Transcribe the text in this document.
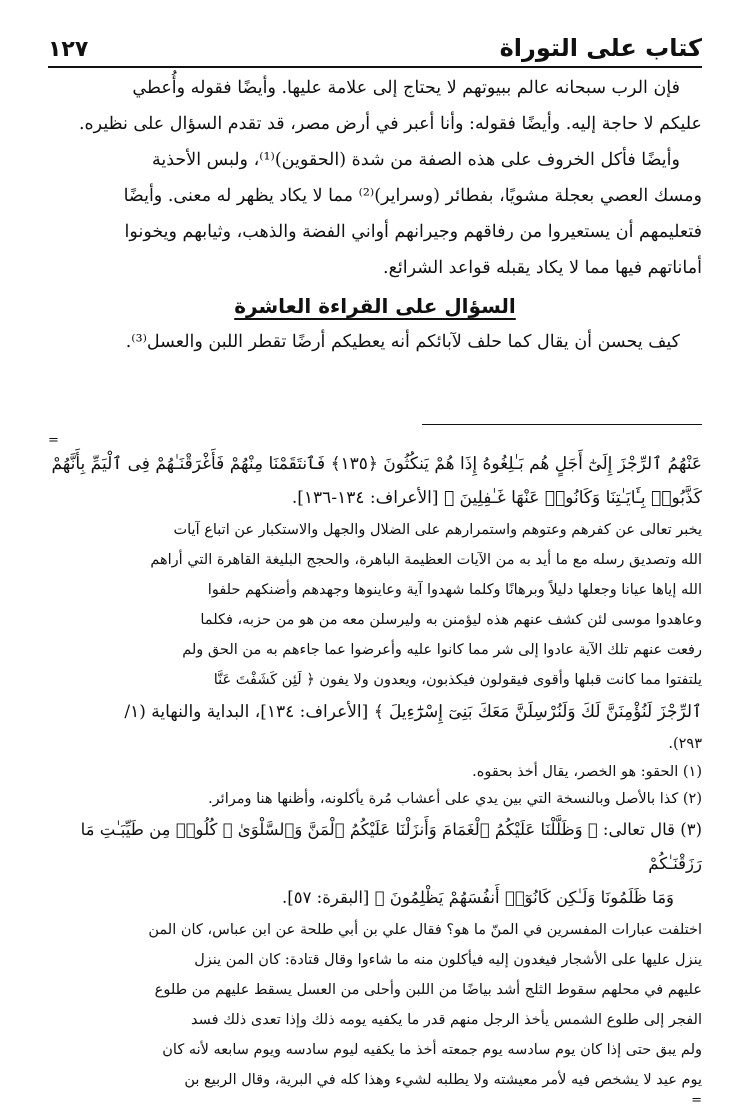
كتاب على التوراة
١٢٧

فإن الرب سبحانه عالم ببيوتهم لا يحتاج إلى علامة عليها. وأيضًا فقوله وأُعطي

عليكم لا حاجة إليه. وأيضًا فقوله: وأنا أعبر في أرض مصر، قد تقدم السؤال على نظيره.

وأيضًا فأكل الخروف على هذه الصفة من شدة (الحقوين)⁽¹⁾، ولبس الأحذية

ومسك العصي بعجلة مشويًا، بفطائر (وسراير)⁽²⁾ مما لا يكاد يظهر له معنى. وأيضًا

فتعليمهم أن يستعيروا من رفاقهم وجيرانهم أواني الفضة والذهب، وثيابهم ويخونوا

أماناتهم فيها مما لا يكاد يقبله قواعد الشرائع.

السؤال على القراءة العاشرة

كيف يحسن أن يقال كما حلف لآبائكم أنه يعطيكم أرضًا تقطر اللبن والعسل⁽³⁾.

=

عَنْهُمُ ٱلرِّجْزَ إِلَىٰٓ أَجَلٍ هُم بَـٰلِغُوهُ إِذَا هُمْ يَنكُثُونَ ﴿١٣٥﴾ فَٱنتَقَمْنَا مِنْهُمْ فَأَغْرَقْنَـٰهُمْ فِى ٱلْيَمِّ بِأَنَّهُمْ

كَذَّبُوا۟ بِـَٔايَـٰتِنَا وَكَانُوا۟ عَنْهَا غَـٰفِلِينَ ﴾ [الأعراف: ١٣٤-١٣٦].

يخبر تعالى عن كفرهم وعتوهم واستمرارهم على الضلال والجهل والاستكبار عن اتباع آيات

الله وتصديق رسله مع ما أيد به من الآيات العظيمة الباهرة، والحجج البليغة القاهرة التي أراهم

الله إياها عيانا وجعلها دليلاً وبرهانًا وكلما شهدوا آية وعاينوها وجهدهم وأضنكهم حلفوا

وعاهدوا موسى لئن كشف عنهم هذه ليؤمنن به وليرسلن معه من هو من حزبه، فكلما

رفعت عنهم تلك الآية عادوا إلى شر مما كانوا عليه وأعرضوا عما جاءهم به من الحق ولم

يلتفتوا مما كانت قبلها وأقوى فيقولون فيكذبون، ويعدون ولا يفون ﴿ لَئِن كَشَفْتَ عَنَّا

ٱلرِّجْزَ لَنُؤْمِنَنَّ لَكَ وَلَنُرْسِلَنَّ مَعَكَ بَنِىٓ إِسْرَٰٓءِيلَ ﴾ [الأعراف: ١٣٤]، البداية والنهاية (١/

٢٩٣).

(١) الحقو: هو الخصر، يقال أخذ بحقوه.

(٢) كذا بالأصل وبالنسخة التي بين يدي على أعشاب مُرة يأكلونه، وأظنها هنا ومرائر.

(٣) قال تعالى: ﴿ وَظَلَّلْنَا عَلَيْكُمُ ٱلْغَمَامَ وَأَنزَلْنَا عَلَيْكُمُ ٱلْمَنَّ وَٱلسَّلْوَىٰ ۖ كُلُوا۟ مِن طَيِّبَـٰتِ مَا رَزَقْنَـٰكُمْ

وَمَا ظَلَمُونَا وَلَـٰكِن كَانُوٓا۟ أَنفُسَهُمْ يَظْلِمُونَ ﴾ [البقرة: ٥٧].

اختلفت عبارات المفسرين في المنّ ما هو؟ فقال علي بن أبي طلحة عن ابن عباس، كان المن

ينزل عليها على الأشجار فيغدون إليه فيأكلون منه ما شاءوا وقال قتادة: كان المن ينزل

عليهم في محلهم سقوط الثلج أشد بياضًا من اللبن وأحلى من العسل يسقط عليهم من طلوع

الفجر إلى طلوع الشمس يأخذ الرجل منهم قدر ما يكفيه يومه ذلك وإذا تعدى ذلك فسد

ولم يبق حتى إذا كان يوم سادسه يوم جمعته أخذ ما يكفيه ليوم سادسه ويوم سابعه لأنه كان

يوم عيد لا يشخص فيه لأمر معيشته ولا يطلبه لشيء وهذا كله في البرية، وقال الربيع بن

=
